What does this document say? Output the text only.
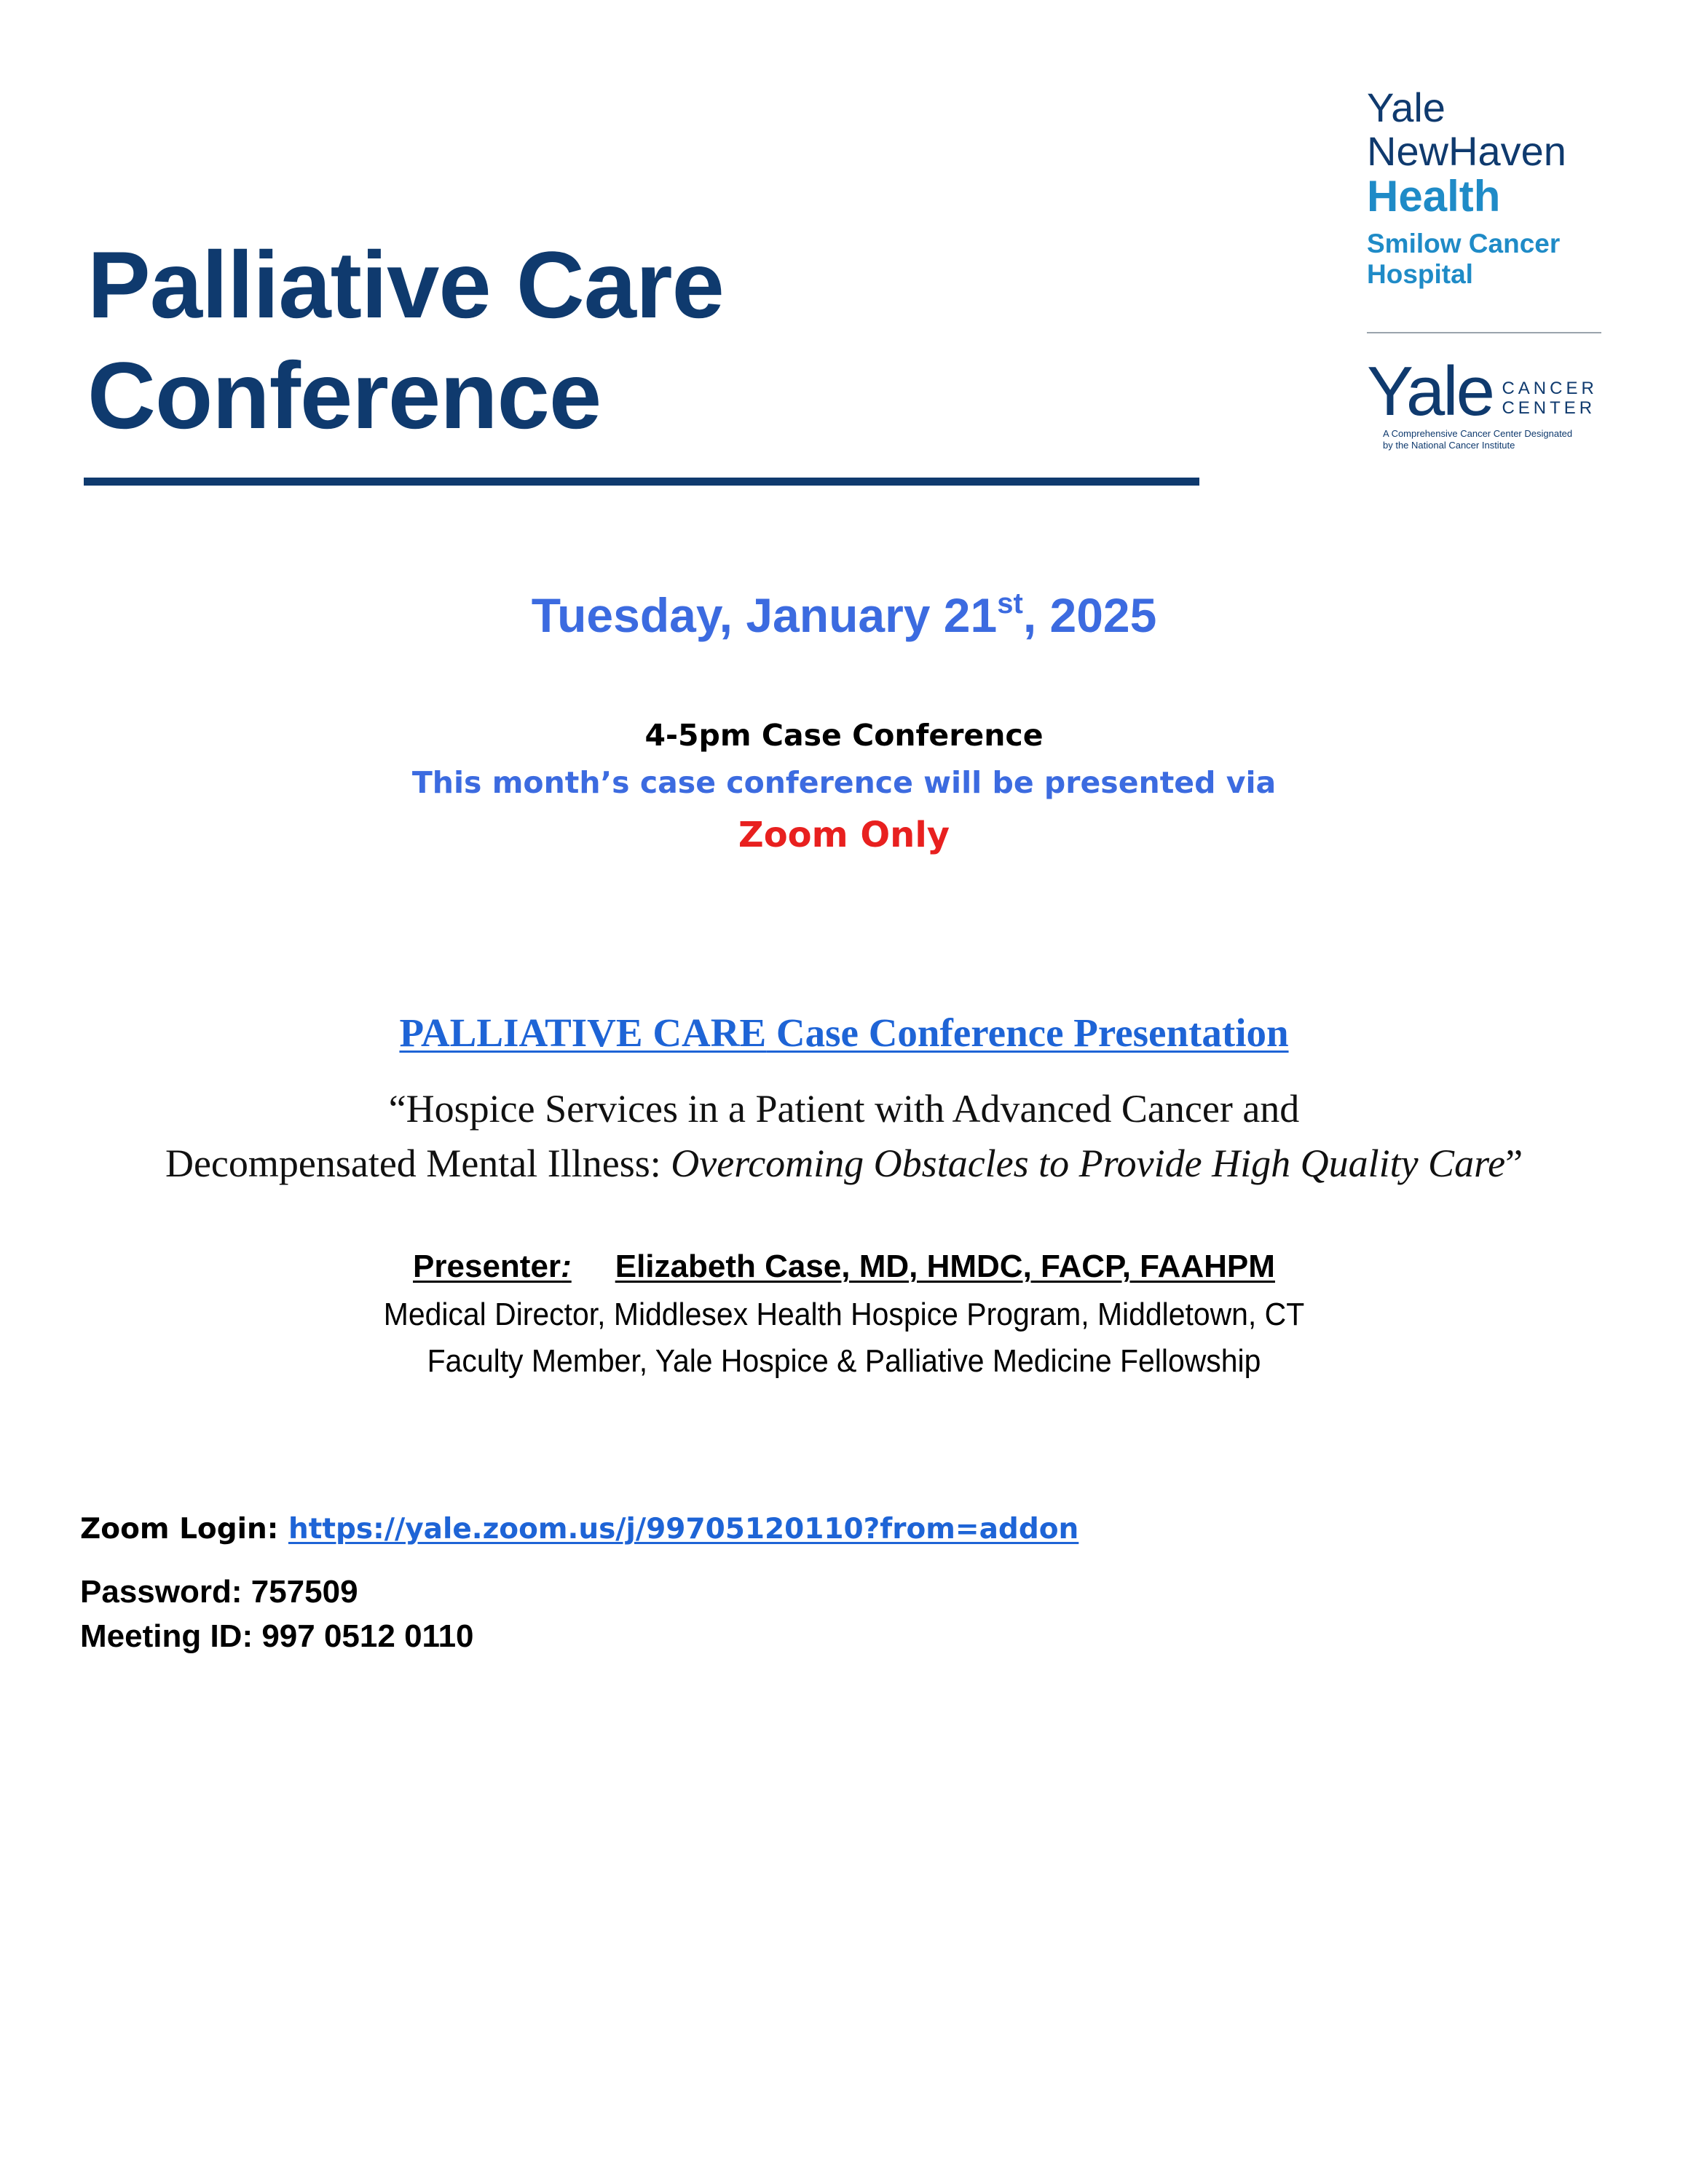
Palliative Care
Conference
Yale
NewHaven
Health
Smilow Cancer
Hospital
Yale CANCER
CENTER
A Comprehensive Cancer Center Designated
by the National Cancer Institute
Tuesday, January 21st, 2025
4-5pm Case Conference
This month’s case conference will be presented via
Zoom Only
PALLIATIVE CARE Case Conference Presentation
“Hospice Services in a Patient with Advanced Cancer and
Decompensated Mental Illness: Overcoming Obstacles to Provide High Quality Care”
Presenter: Elizabeth Case, MD, HMDC, FACP, FAAHPM
Medical Director, Middlesex Health Hospice Program, Middletown, CT
Faculty Member, Yale Hospice & Palliative Medicine Fellowship
Zoom Login: https://yale.zoom.us/j/99705120110?from=addon
Password: 757509
Meeting ID: 997 0512 0110
